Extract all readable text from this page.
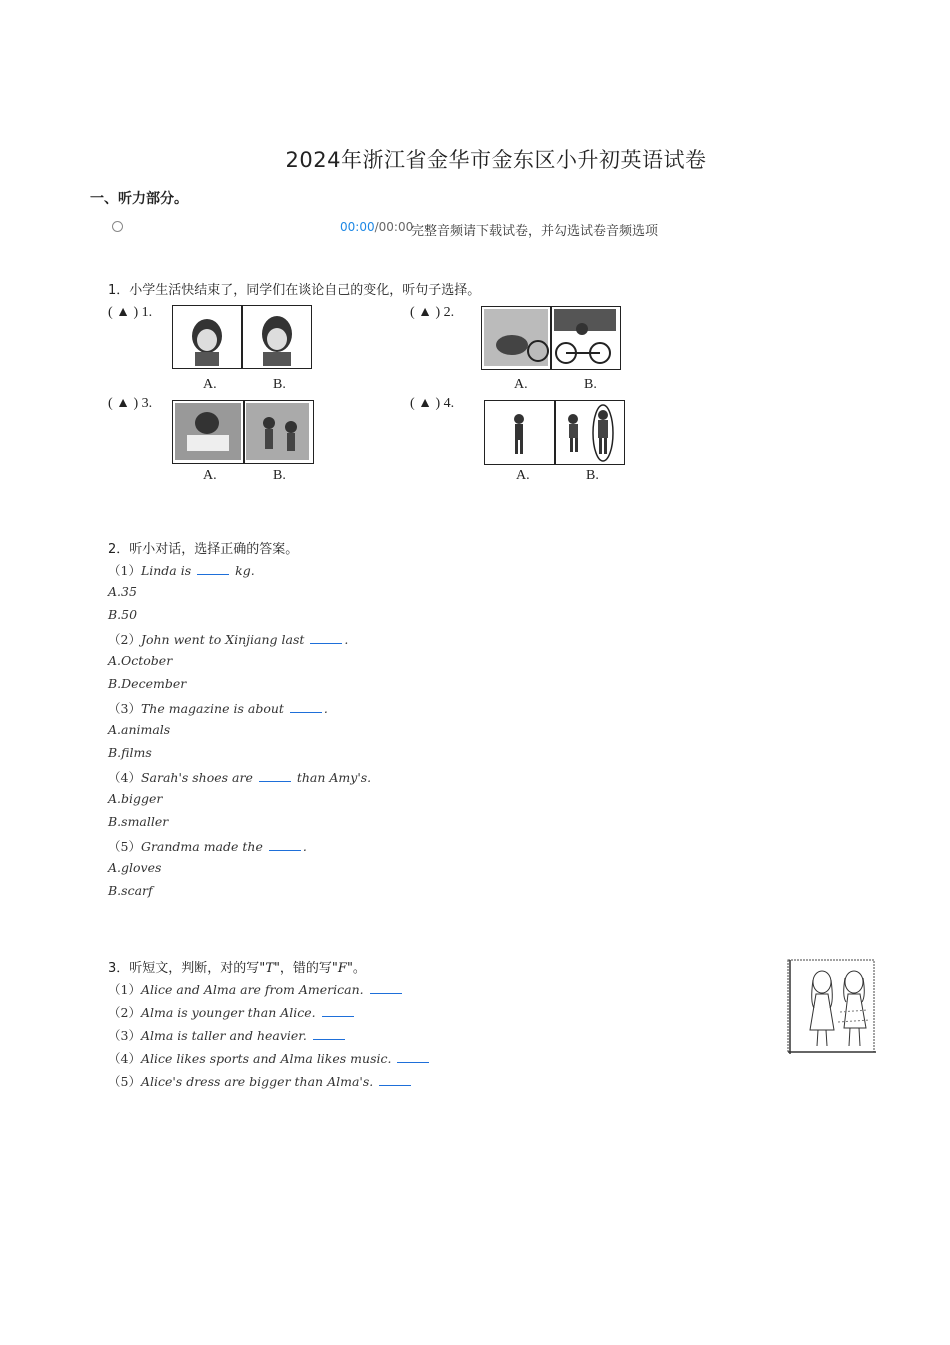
2024年浙江省金华市金东区小升初英语试卷
一、听力部分。
00:00/00:00
完整音频请下载试卷，并勾选试卷音频选项
1．小学生活快结束了，同学们在谈论自己的变化，听句子选择。
( ▲ ) 1.
A.	B.
( ▲ ) 2.
A.	B.
( ▲ ) 3.
A.	B.
( ▲ ) 4.
A.	B.
2．听小对话，选择正确的答案。
（1）Linda is	kg.
A.35
B.50
（2）John went to Xinjiang last	.
A.October
B.December
（3）The magazine is about	.
A.animals
B.films
（4）Sarah's shoes are	than Amy's.
A.bigger
B.smaller
（5）Grandma made the	.
A.gloves
B.scarf
3．听短文，判断，对的写"T"，错的写"F"。
（1）Alice and Alma are from American.
（2）Alma is younger than Alice.
（3）Alma is taller and heavier.
（4）Alice likes sports and Alma likes music.
（5）Alice's dress are bigger than Alma's.
